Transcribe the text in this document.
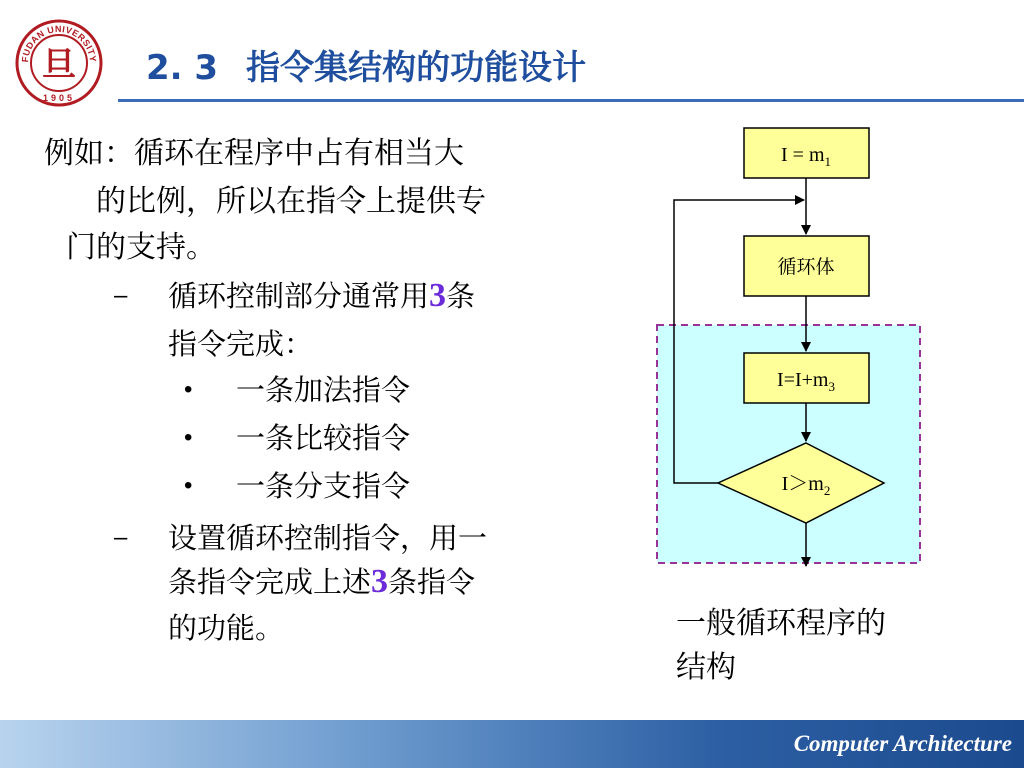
FUDAN UNIVERSITY
1905
旦 2. 3 指令集结构的功能设计
例如：循环在程序中占有相当大
的比例，所以在指令上提供专
门的支持。
– 循环控制部分通常用3条
指令完成：
• 一条加法指令
• 一条比较指令
• 一条分支指令
– 设置循环控制指令，用一
条指令完成上述3条指令
的功能。
$I = m_1$
循环体
$I=I+m_3$
$I>m_2$
一般循环程序的
结构
Computer Architecture
